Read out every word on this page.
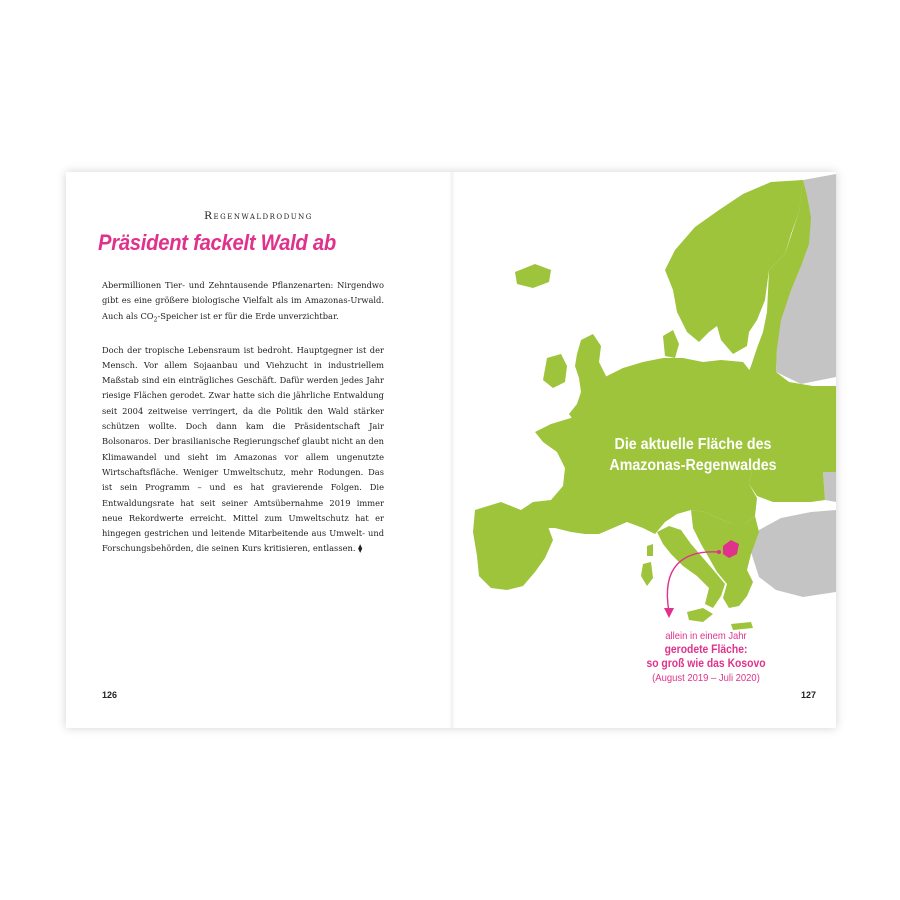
Regenwaldrodung
Präsident fackelt Wald ab

Abermillionen Tier- und Zehntausende Pflanzenarten: Nirgendwo gibt es eine größere biologische Vielfalt als im Amazonas-Urwald. Auch als $CO_2$-Speicher ist er für die Erde unverzichtbar.

Doch der tropische Lebensraum ist bedroht. Hauptgegner ist der Mensch. Vor allem Sojaanbau und Viehzucht in industriellem Maßstab sind ein einträgliches Geschäft. Dafür werden jedes Jahr riesige Flächen gerodet. Zwar hatte sich die jährliche Entwaldung seit 2004 zeitweise verringert, da die Politik den Wald stärker schützen wollte. Doch dann kam die Präsidentschaft Jair Bolsonaros. Der brasilianische Regierungschef glaubt nicht an den Klimawandel und sieht im Amazonas vor allem ungenutzte Wirtschaftsfläche. Weniger Umweltschutz, mehr Rodungen. Das ist sein Programm – und es hat gravierende Folgen. Die Entwaldungsrate hat seit seiner Amtsübernahme 2019 immer neue Rekordwerte erreicht. Mittel zum Umweltschutz hat er hingegen gestrichen und leitende Mitarbeitende aus Umwelt- und Forschungsbehörden, die seinen Kurs kritisieren, entlassen. ⧫

126
Die aktuelle Fläche des
Amazonas-Regenwaldes
allein in einem Jahr
gerodete Fläche:
so groß wie das Kosovo
(August 2019 – Juli 2020)
127
